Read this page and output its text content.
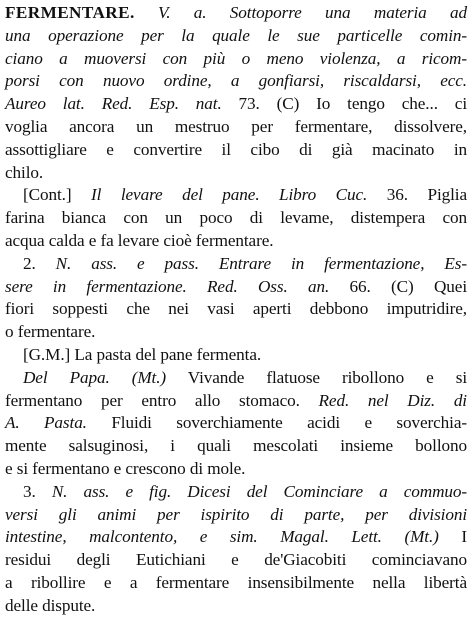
FERMENTARE. V. a. Sottoporre una materia ad
una operazione per la quale le sue particelle comin-
ciano a muoversi con più o meno violenza, a ricom-
porsi con nuovo ordine, a gonfiarsi, riscaldarsi, ecc.
Aureo lat. Red. Esp. nat. 73. (C) Io tengo che... ci
voglia ancora un mestruo per fermentare, dissolvere,
assottigliare e convertire il cibo di già macinato in
chilo.
[Cont.] Il levare del pane. Libro Cuc. 36. Piglia
farina bianca con un poco di levame, distempera con
acqua calda e fa levare cioè fermentare.
2. N. ass. e pass. Entrare in fermentazione, Es-
sere in fermentazione. Red. Oss. an. 66. (C) Quei
fiori soppesti che nei vasi aperti debbono imputridire,
o fermentare.
[G.M.] La pasta del pane fermenta.
Del Papa. (Mt.) Vivande flatuose ribollono e si
fermentano per entro allo stomaco. Red. nel Diz. di
A. Pasta. Fluidi soverchiamente acidi e soverchia-
mente salsuginosi, i quali mescolati insieme bollono
e si fermentano e crescono di mole.
3. N. ass. e fig. Dicesi del Cominciare a commuo-
versi gli animi per ispirito di parte, per divisioni
intestine, malcontento, e sim. Magal. Lett. (Mt.) I
residui degli Eutichiani e de'Giacobiti cominciavano
a ribollire e a fermentare insensibilmente nella libertà
delle dispute.
